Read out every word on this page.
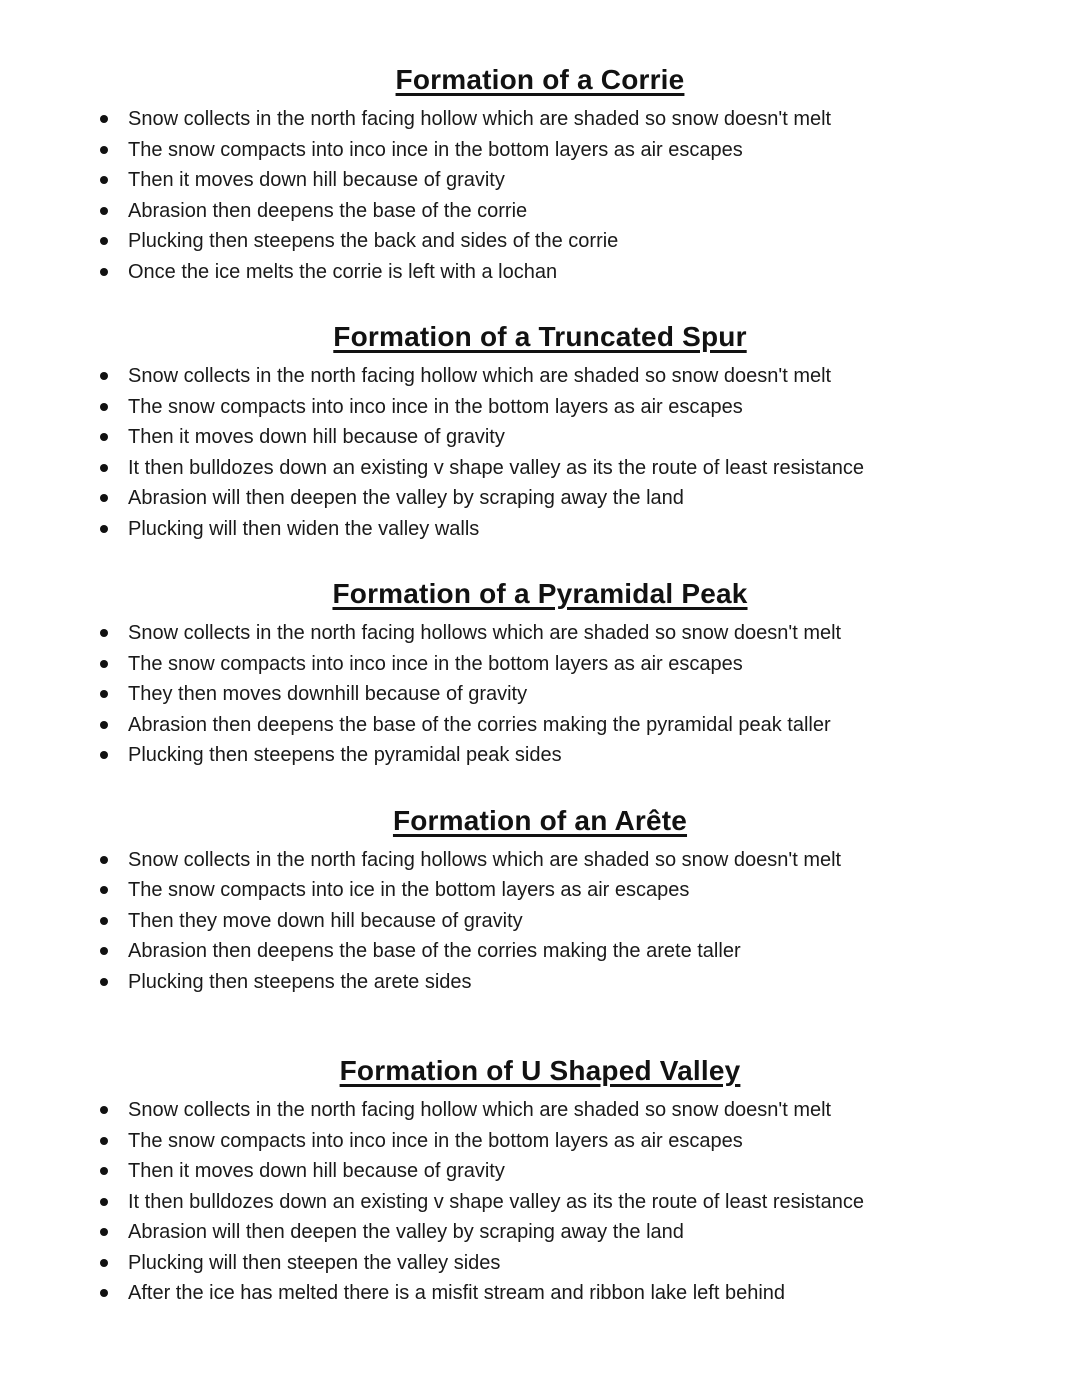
Formation of a Corrie
Snow collects in the north facing hollow which are shaded so snow doesn't melt
The snow compacts into inco ince in the bottom layers as air escapes
Then it moves down hill because of gravity
Abrasion then deepens the base of the corrie
Plucking then steepens the back and sides of the corrie
Once the ice melts the corrie is left with a lochan
Formation of a Truncated Spur
Snow collects in the north facing hollow which are shaded so snow doesn't melt
The snow compacts into inco ince in the bottom layers as air escapes
Then it moves down hill because of gravity
It then bulldozes down an existing v shape valley as its the route of least resistance
Abrasion will then deepen the valley by scraping away the land
Plucking will then widen the valley walls
Formation of a Pyramidal Peak
Snow collects in the north facing hollows which are shaded so snow doesn't melt
The snow compacts into inco ince in the bottom layers as air escapes
They then moves downhill because of gravity
Abrasion then deepens the base of the corries making the pyramidal peak taller
Plucking then steepens the pyramidal peak sides
Formation of an Arête
Snow collects in the north facing hollows which are shaded so snow doesn't melt
The snow compacts into ice in the bottom layers as air escapes
Then they move down hill because of gravity
Abrasion then deepens the base of the corries making the arete taller
Plucking then steepens the arete sides
Formation of U Shaped Valley
Snow collects in the north facing hollow which are shaded so snow doesn't melt
The snow compacts into inco ince in the bottom layers as air escapes
Then it moves down hill because of gravity
It then bulldozes down an existing v shape valley as its the route of least resistance
Abrasion will then deepen the valley by scraping away the land
Plucking will then steepen the valley sides
After the ice has melted there is a misfit stream and ribbon lake left behind
